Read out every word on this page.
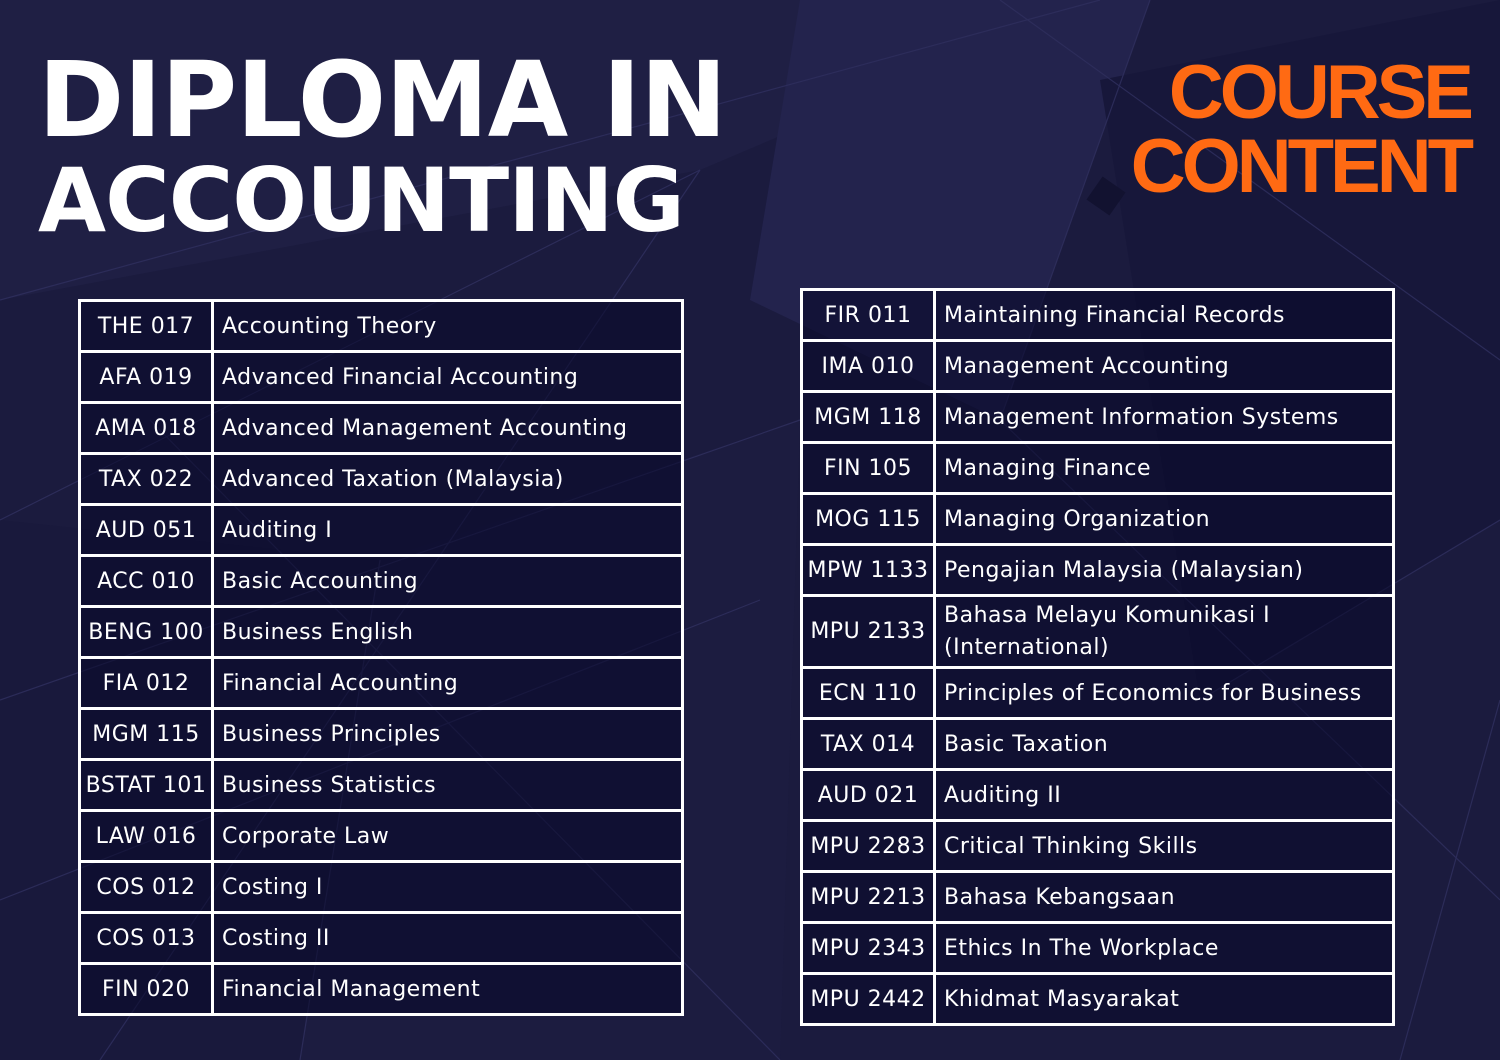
DIPLOMA IN
ACCOUNTING
COURSE
CONTENT
THE 017	Accounting Theory
AFA 019	Advanced Financial Accounting
AMA 018	Advanced Management Accounting
TAX 022	Advanced Taxation (Malaysia)
AUD 051	Auditing I
ACC 010	Basic Accounting
BENG 100	Business English
FIA 012	Financial Accounting
MGM 115	Business Principles
BSTAT 101	Business Statistics
LAW 016	Corporate Law
COS 012	Costing I
COS 013	Costing II
FIN 020	Financial Management
FIR 011	Maintaining Financial Records
IMA 010	Management Accounting
MGM 118	Management Information Systems
FIN 105	Managing Finance
MOG 115	Managing Organization
MPW 1133	Pengajian Malaysia (Malaysian)
MPU 2133	Bahasa Melayu Komunikasi I (International)
ECN 110	Principles of Economics for Business
TAX 014	Basic Taxation
AUD 021	Auditing II
MPU 2283	Critical Thinking Skills
MPU 2213	Bahasa Kebangsaan
MPU 2343	Ethics In The Workplace
MPU 2442	Khidmat Masyarakat
